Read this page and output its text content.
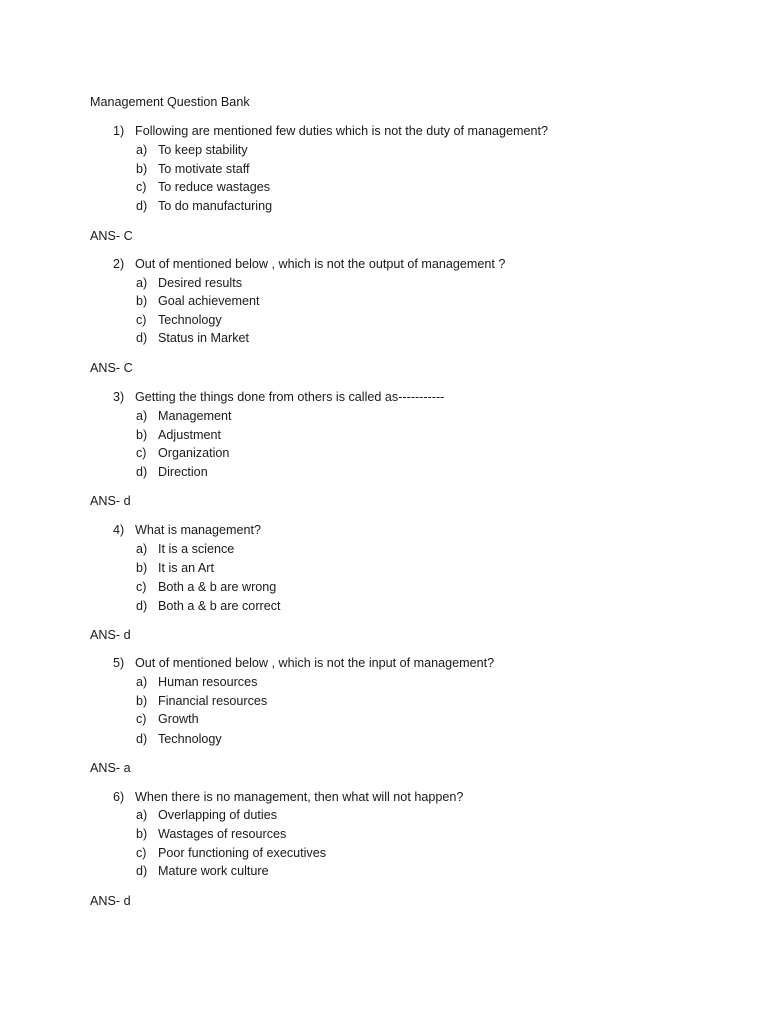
Management Question Bank
1) Following are mentioned few duties which is not the duty of management?
a) To keep stability
b) To motivate staff
c) To reduce wastages
d) To do manufacturing
ANS- C
2) Out of mentioned below , which is not the output of management ?
a) Desired results
b) Goal achievement
c) Technology
d) Status in Market
ANS- C
3) Getting the things done from others is called as-----------
a) Management
b) Adjustment
c) Organization
d) Direction
ANS- d
4) What is management?
a) It is a science
b) It is an Art
c) Both a & b are wrong
d) Both a & b are correct
ANS- d
5) Out of mentioned below , which is not the input of management?
a) Human resources
b) Financial resources
c) Growth
d) Technology
ANS- a
6) When there is no management, then what will not happen?
a) Overlapping of duties
b) Wastages of resources
c) Poor functioning of executives
d) Mature work culture
ANS- d
